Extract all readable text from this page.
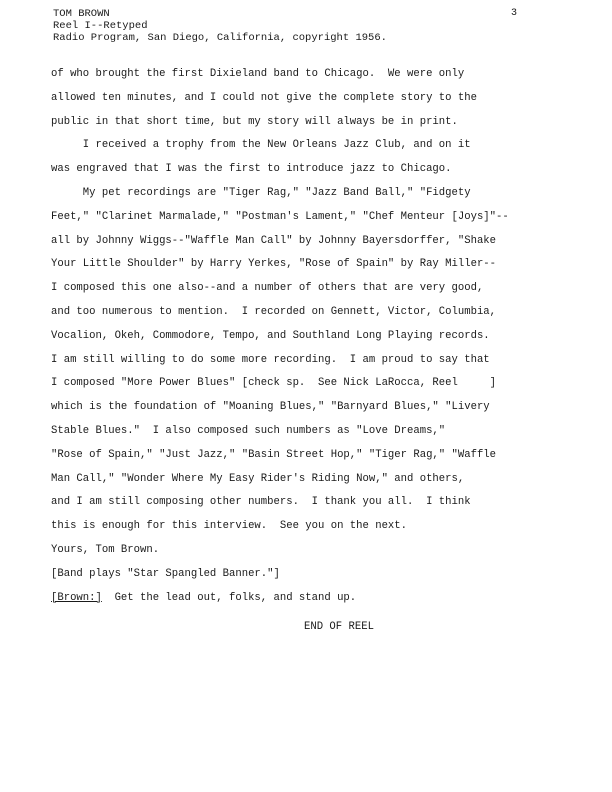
TOM BROWN
Reel I--Retyped
Radio Program, San Diego, California, copyright 1956.
3
of who brought the first Dixieland band to Chicago.  We were only
allowed ten minutes, and I could not give the complete story to the
public in that short time, but my story will always be in print.
I received a trophy from the New Orleans Jazz Club, and on it
was engraved that I was the first to introduce jazz to Chicago.
My pet recordings are "Tiger Rag," "Jazz Band Ball," "Fidgety
Feet," "Clarinet Marmalade," "Postman's Lament," "Chef Menteur [Joys]"--
all by Johnny Wiggs--"Waffle Man Call" by Johnny Bayersdorffer, "Shake
Your Little Shoulder" by Harry Yerkes, "Rose of Spain" by Ray Miller--
I composed this one also--and a number of others that are very good,
and too numerous to mention.  I recorded on Gennett, Victor, Columbia,
Vocalion, Okeh, Commodore, Tempo, and Southland Long Playing records.
I am still willing to do some more recording.  I am proud to say that
I composed "More Power Blues" [check sp.  See Nick LaRocca, Reel     ]
which is the foundation of "Moaning Blues," "Barnyard Blues," "Livery
Stable Blues."  I also composed such numbers as "Love Dreams,"
"Rose of Spain," "Just Jazz," "Basin Street Hop," "Tiger Rag," "Waffle
Man Call," "Wonder Where My Easy Rider's Riding Now," and others,
and I am still composing other numbers.  I thank you all.  I think
this is enough for this interview.  See you on the next.
Yours, Tom Brown.
[Band plays "Star Spangled Banner."]
[Brown:]  Get the lead out, folks, and stand up.
END OF REEL
